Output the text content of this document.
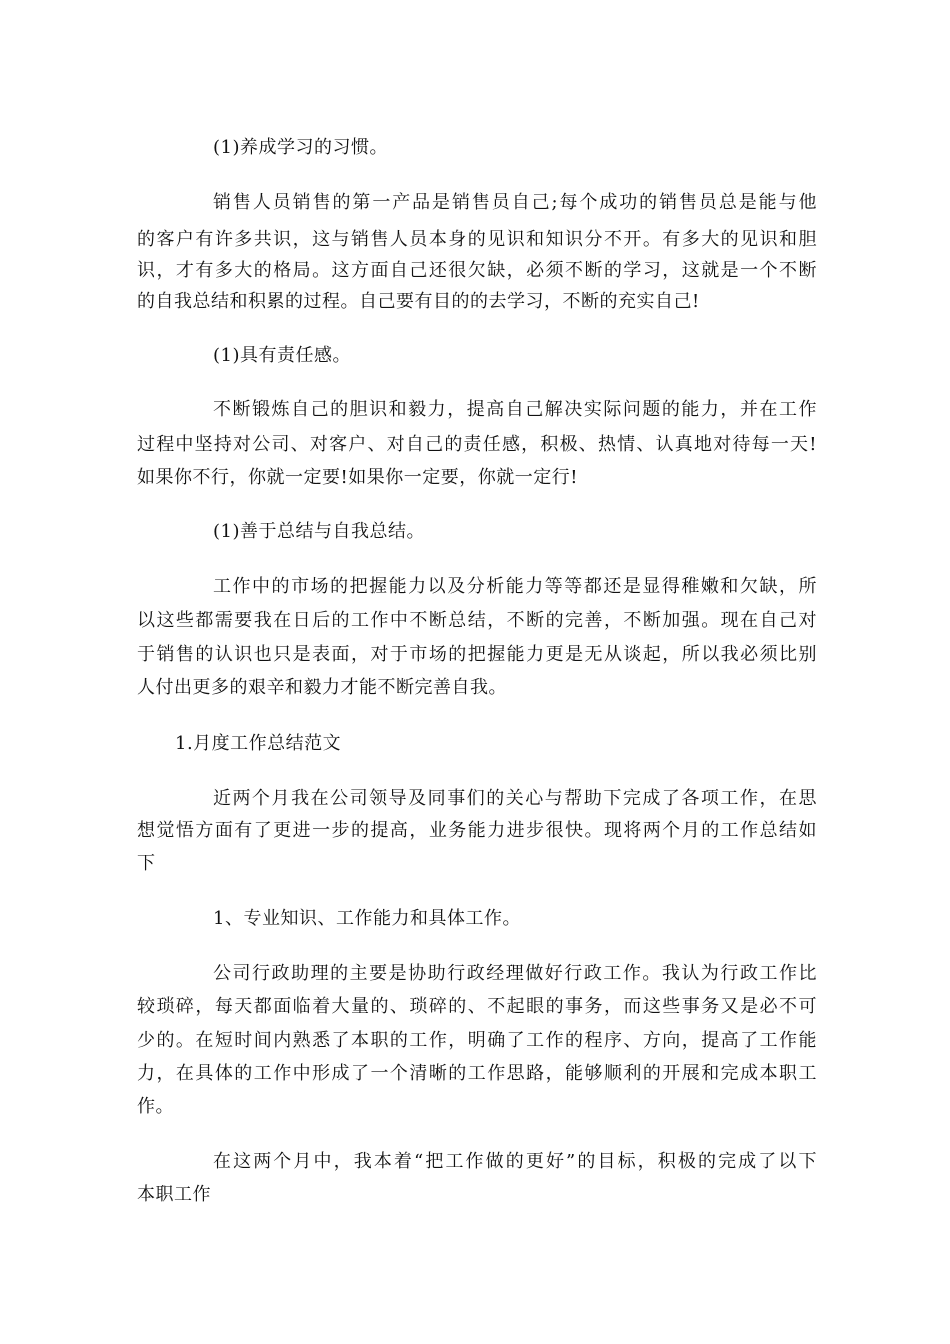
(1)养成学习的习惯。
销售人员销售的第一产品是销售员自己;每个成功的销售员总是能与他
的客户有许多共识，这与销售人员本身的见识和知识分不开。有多大的见识和胆
识，才有多大的格局。这方面自己还很欠缺，必须不断的学习，这就是一个不断
的自我总结和积累的过程。自己要有目的的去学习，不断的充实自己!
(1)具有责任感。
不断锻炼自己的胆识和毅力，提高自己解决实际问题的能力，并在工作
过程中坚持对公司、对客户、对自己的责任感，积极、热情、认真地对待每一天!
如果你不行，你就一定要!如果你一定要，你就一定行!
(1)善于总结与自我总结。
工作中的市场的把握能力以及分析能力等等都还是显得稚嫩和欠缺，所
以这些都需要我在日后的工作中不断总结，不断的完善，不断加强。现在自己对
于销售的认识也只是表面，对于市场的把握能力更是无从谈起，所以我必须比别
人付出更多的艰辛和毅力才能不断完善自我。
1.月度工作总结范文
近两个月我在公司领导及同事们的关心与帮助下完成了各项工作，在思
想觉悟方面有了更进一步的提高，业务能力进步很快。现将两个月的工作总结如
下
1、专业知识、工作能力和具体工作。
公司行政助理的主要是协助行政经理做好行政工作。我认为行政工作比
较琐碎，每天都面临着大量的、琐碎的、不起眼的事务，而这些事务又是必不可
少的。在短时间内熟悉了本职的工作，明确了工作的程序、方向，提高了工作能
力，在具体的工作中形成了一个清晰的工作思路，能够顺利的开展和完成本职工
作。
在这两个月中，我本着“把工作做的更好”的目标，积极的完成了以下
本职工作
